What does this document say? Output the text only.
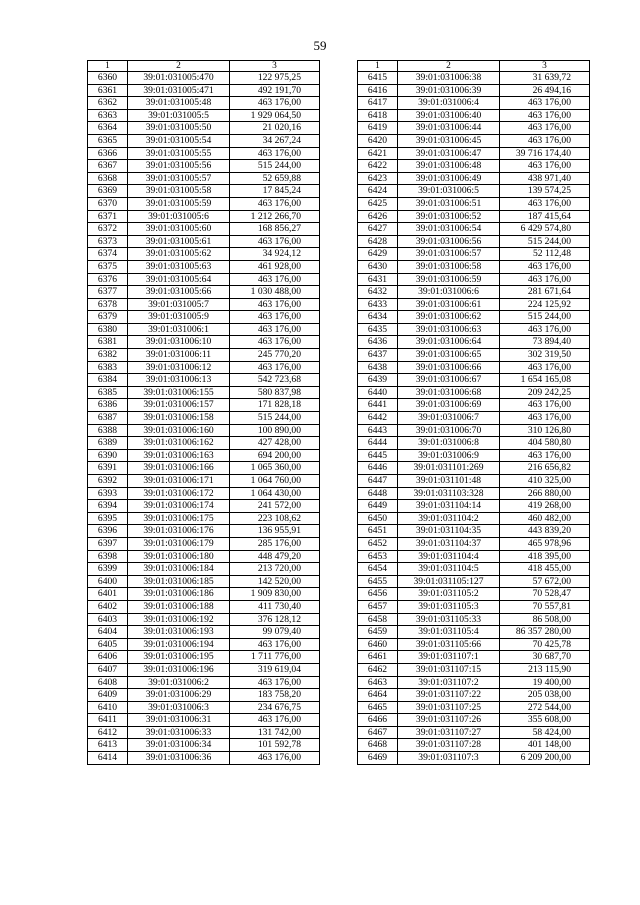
59
1	2	3
6360	39:01:031005:470	122 975,25
6361	39:01:031005:471	492 191,70
6362	39:01:031005:48	463 176,00
6363	39:01:031005:5	1 929 064,50
6364	39:01:031005:50	21 020,16
6365	39:01:031005:54	34 267,24
6366	39:01:031005:55	463 176,00
6367	39:01:031005:56	515 244,00
6368	39:01:031005:57	52 659,88
6369	39:01:031005:58	17 845,24
6370	39:01:031005:59	463 176,00
6371	39:01:031005:6	1 212 266,70
6372	39:01:031005:60	168 856,27
6373	39:01:031005:61	463 176,00
6374	39:01:031005:62	34 924,12
6375	39:01:031005:63	461 928,00
6376	39:01:031005:64	463 176,00
6377	39:01:031005:66	1 030 488,00
6378	39:01:031005:7	463 176,00
6379	39:01:031005:9	463 176,00
6380	39:01:031006:1	463 176,00
6381	39:01:031006:10	463 176,00
6382	39:01:031006:11	245 770,20
6383	39:01:031006:12	463 176,00
6384	39:01:031006:13	542 723,68
6385	39:01:031006:155	580 837,98
6386	39:01:031006:157	171 828,18
6387	39:01:031006:158	515 244,00
6388	39:01:031006:160	100 890,00
6389	39:01:031006:162	427 428,00
6390	39:01:031006:163	694 200,00
6391	39:01:031006:166	1 065 360,00
6392	39:01:031006:171	1 064 760,00
6393	39:01:031006:172	1 064 430,00
6394	39:01:031006:174	241 572,00
6395	39:01:031006:175	223 108,62
6396	39:01:031006:176	136 955,91
6397	39:01:031006:179	285 176,00
6398	39:01:031006:180	448 479,20
6399	39:01:031006:184	213 720,00
6400	39:01:031006:185	142 520,00
6401	39:01:031006:186	1 909 830,00
6402	39:01:031006:188	411 730,40
6403	39:01:031006:192	376 128,12
6404	39:01:031006:193	99 079,40
6405	39:01:031006:194	463 176,00
6406	39:01:031006:195	1 711 776,00
6407	39:01:031006:196	319 619,04
6408	39:01:031006:2	463 176,00
6409	39:01:031006:29	183 758,20
6410	39:01:031006:3	234 676,75
6411	39:01:031006:31	463 176,00
6412	39:01:031006:33	131 742,00
6413	39:01:031006:34	101 592,78
6414	39:01:031006:36	463 176,00
1	2	3
6415	39:01:031006:38	31 639,72
6416	39:01:031006:39	26 494,16
6417	39:01:031006:4	463 176,00
6418	39:01:031006:40	463 176,00
6419	39:01:031006:44	463 176,00
6420	39:01:031006:45	463 176,00
6421	39:01:031006:47	39 716 174,40
6422	39:01:031006:48	463 176,00
6423	39:01:031006:49	438 971,40
6424	39:01:031006:5	139 574,25
6425	39:01:031006:51	463 176,00
6426	39:01:031006:52	187 415,64
6427	39:01:031006:54	6 429 574,80
6428	39:01:031006:56	515 244,00
6429	39:01:031006:57	52 112,48
6430	39:01:031006:58	463 176,00
6431	39:01:031006:59	463 176,00
6432	39:01:031006:6	281 671,64
6433	39:01:031006:61	224 125,92
6434	39:01:031006:62	515 244,00
6435	39:01:031006:63	463 176,00
6436	39:01:031006:64	73 894,40
6437	39:01:031006:65	302 319,50
6438	39:01:031006:66	463 176,00
6439	39:01:031006:67	1 654 165,08
6440	39:01:031006:68	209 242,25
6441	39:01:031006:69	463 176,00
6442	39:01:031006:7	463 176,00
6443	39:01:031006:70	310 126,80
6444	39:01:031006:8	404 580,80
6445	39:01:031006:9	463 176,00
6446	39:01:031101:269	216 656,82
6447	39:01:031101:48	410 325,00
6448	39:01:031103:328	266 880,00
6449	39:01:031104:14	419 268,00
6450	39:01:031104:2	460 482,00
6451	39:01:031104:35	443 839,20
6452	39:01:031104:37	465 978,96
6453	39:01:031104:4	418 395,00
6454	39:01:031104:5	418 455,00
6455	39:01:031105:127	57 672,00
6456	39:01:031105:2	70 528,47
6457	39:01:031105:3	70 557,81
6458	39:01:031105:33	86 508,00
6459	39:01:031105:4	86 357 280,00
6460	39:01:031105:66	70 425,78
6461	39:01:031107:1	30 687,70
6462	39:01:031107:15	213 115,90
6463	39:01:031107:2	19 400,00
6464	39:01:031107:22	205 038,00
6465	39:01:031107:25	272 544,00
6466	39:01:031107:26	355 608,00
6467	39:01:031107:27	58 424,00
6468	39:01:031107:28	401 148,00
6469	39:01:031107:3	6 209 200,00
